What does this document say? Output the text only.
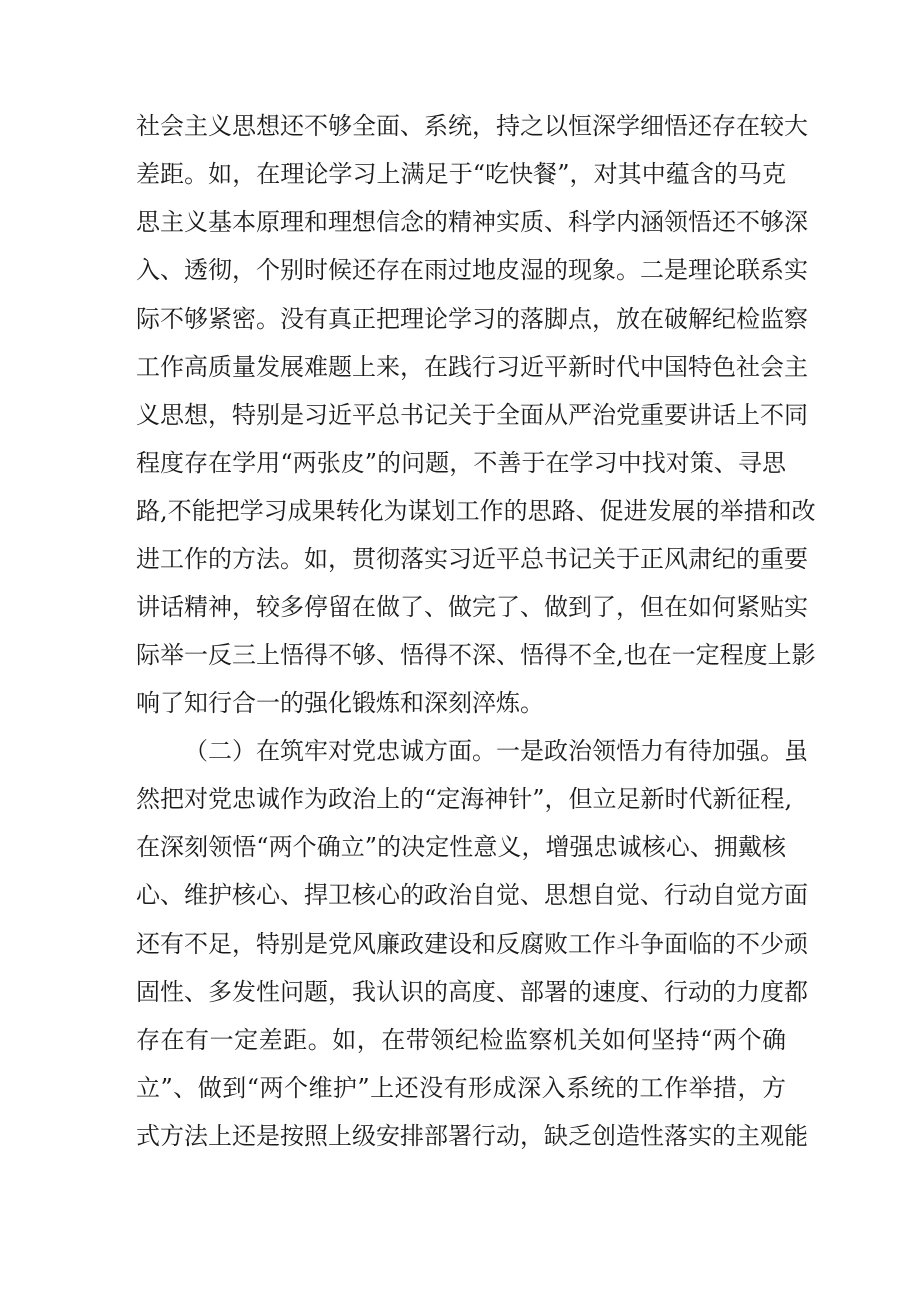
社会主义思想还不够全面、系统，持之以恒深学细悟还存在较大
差距。如，在理论学习上满足于“吃快餐”，对其中蕴含的马克
思主义基本原理和理想信念的精神实质、科学内涵领悟还不够深
入、透彻，个别时候还存在雨过地皮湿的现象。二是理论联系实
际不够紧密。没有真正把理论学习的落脚点，放在破解纪检监察
工作高质量发展难题上来，在践行习近平新时代中国特色社会主
义思想，特别是习近平总书记关于全面从严治党重要讲话上不同
程度存在学用“两张皮”的问题，不善于在学习中找对策、寻思
路,不能把学习成果转化为谋划工作的思路、促进发展的举措和改
进工作的方法。如，贯彻落实习近平总书记关于正风肃纪的重要
讲话精神，较多停留在做了、做完了、做到了，但在如何紧贴实
际举一反三上悟得不够、悟得不深、悟得不全,也在一定程度上影
响了知行合一的强化锻炼和深刻淬炼。
（二）在筑牢对党忠诚方面。一是政治领悟力有待加强。虽
然把对党忠诚作为政治上的“定海神针”，但立足新时代新征程,
在深刻领悟“两个确立”的决定性意义，增强忠诚核心、拥戴核
心、维护核心、捍卫核心的政治自觉、思想自觉、行动自觉方面
还有不足，特别是党风廉政建设和反腐败工作斗争面临的不少顽
固性、多发性问题，我认识的高度、部署的速度、行动的力度都
存在有一定差距。如，在带领纪检监察机关如何坚持“两个确
立”、做到“两个维护”上还没有形成深入系统的工作举措，方
式方法上还是按照上级安排部署行动，缺乏创造性落实的主观能
